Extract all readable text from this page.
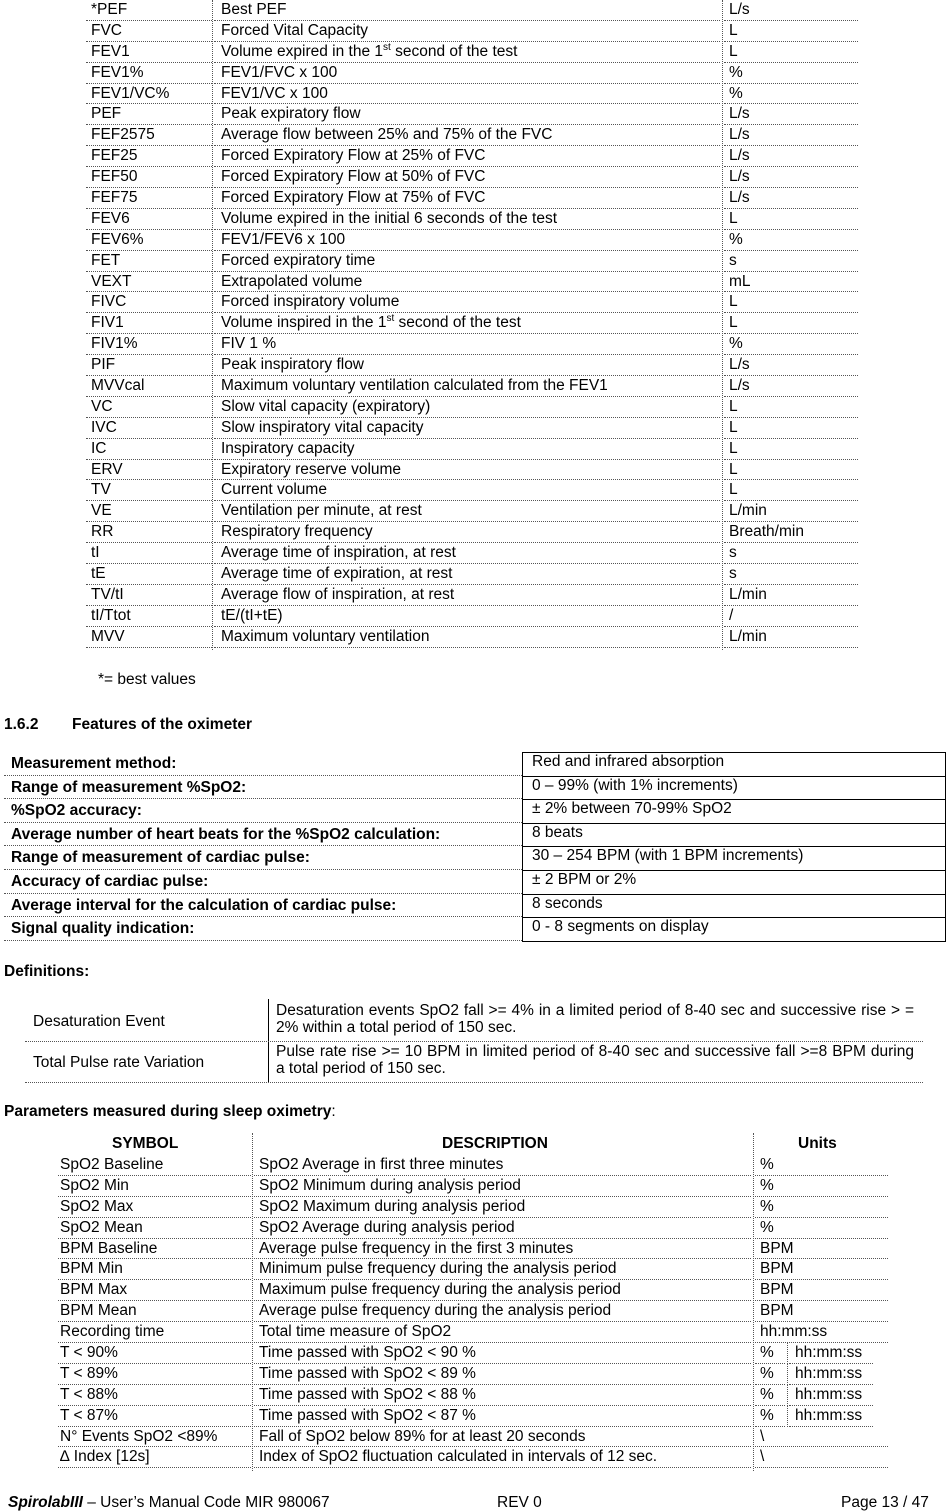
*PEF	Best PEF	L/s
FVC	Forced Vital Capacity	L
FEV1	Volume expired in the 1st second of the test	L
FEV1%	FEV1/FVC x 100	%
FEV1/VC%	FEV1/VC x 100	%
PEF	Peak expiratory flow	L/s
FEF2575	Average flow between 25% and 75% of the FVC	L/s
FEF25	Forced Expiratory Flow at 25% of FVC	L/s
FEF50	Forced Expiratory Flow at 50% of FVC	L/s
FEF75	Forced Expiratory Flow at 75% of FVC	L/s
FEV6	Volume expired in the initial 6 seconds of the test	L
FEV6%	FEV1/FEV6 x 100	%
FET	Forced expiratory time	s
VEXT	Extrapolated volume	mL
FIVC	Forced inspiratory volume	L
FIV1	Volume inspired in the 1st second of the test	L
FIV1%	FIV 1 %	%
PIF	Peak inspiratory flow	L/s
MVVcal	Maximum voluntary ventilation calculated from the FEV1	L/s
VC	Slow vital capacity (expiratory)	L
IVC	Slow inspiratory vital capacity	L
IC	Inspiratory capacity	L
ERV	Expiratory reserve volume	L
TV	Current volume	L
VE	Ventilation per minute, at rest	L/min
RR	Respiratory frequency	Breath/min
tI	Average time of inspiration, at rest	s
tE	Average time of expiration, at rest	s
TV/tI	Average flow of inspiration, at rest	L/min
tI/Ttot	tE/(tI+tE)	/
MVV	Maximum voluntary ventilation	L/min
*= best values
1.6.2 Features of the oximeter
Measurement method:	Red and infrared absorption
Range of measurement %SpO2:	0 – 99% (with 1% increments)
%SpO2 accuracy:	± 2% between 70-99% SpO2
Average number of heart beats for the %SpO2 calculation:	8 beats
Range of measurement of cardiac pulse:	30 – 254 BPM (with 1 BPM increments)
Accuracy of cardiac pulse:	± 2 BPM or 2%
Average interval for the calculation of cardiac pulse:	8 seconds
Signal quality indication:	0 - 8 segments on display
Definitions:
Desaturation Event
Desaturation events SpO2 fall >= 4% in a limited period of 8-40 sec and successive rise > = 2% within a total period of 150 sec.
Total Pulse rate Variation
Pulse rate rise >= 10 BPM in limited period of 8-40 sec and successive fall >=8 BPM during a total period of 150 sec.
Parameters measured during sleep oximetry:
SYMBOL	DESCRIPTION	Units
SpO2 Baseline	SpO2 Average in first three minutes	%
SpO2 Min	SpO2 Minimum during analysis period	%
SpO2 Max	SpO2 Maximum during analysis period	%
SpO2 Mean	SpO2 Average during analysis period	%
BPM Baseline	Average pulse frequency in the first 3 minutes	BPM
BPM Min	Minimum pulse frequency during the analysis period	BPM
BPM Max	Maximum pulse frequency during the analysis period	BPM
BPM Mean	Average pulse frequency during the analysis period	BPM
Recording time	Total time measure of SpO2	hh:mm:ss
T < 90%	Time passed with SpO2 < 90 %	% hh:mm:ss
T < 89%	Time passed with SpO2 < 89 %	% hh:mm:ss
T < 88%	Time passed with SpO2 < 88 %	% hh:mm:ss
T < 87%	Time passed with SpO2 < 87 %	% hh:mm:ss
N° Events SpO2 <89%	Fall of SpO2 below 89% for at least 20 seconds	\
∆ Index [12s]	Index of SpO2 fluctuation calculated in intervals of 12 sec.	\
SpirolabIII – User’s Manual Code MIR 980067	REV 0	Page 13 / 47
